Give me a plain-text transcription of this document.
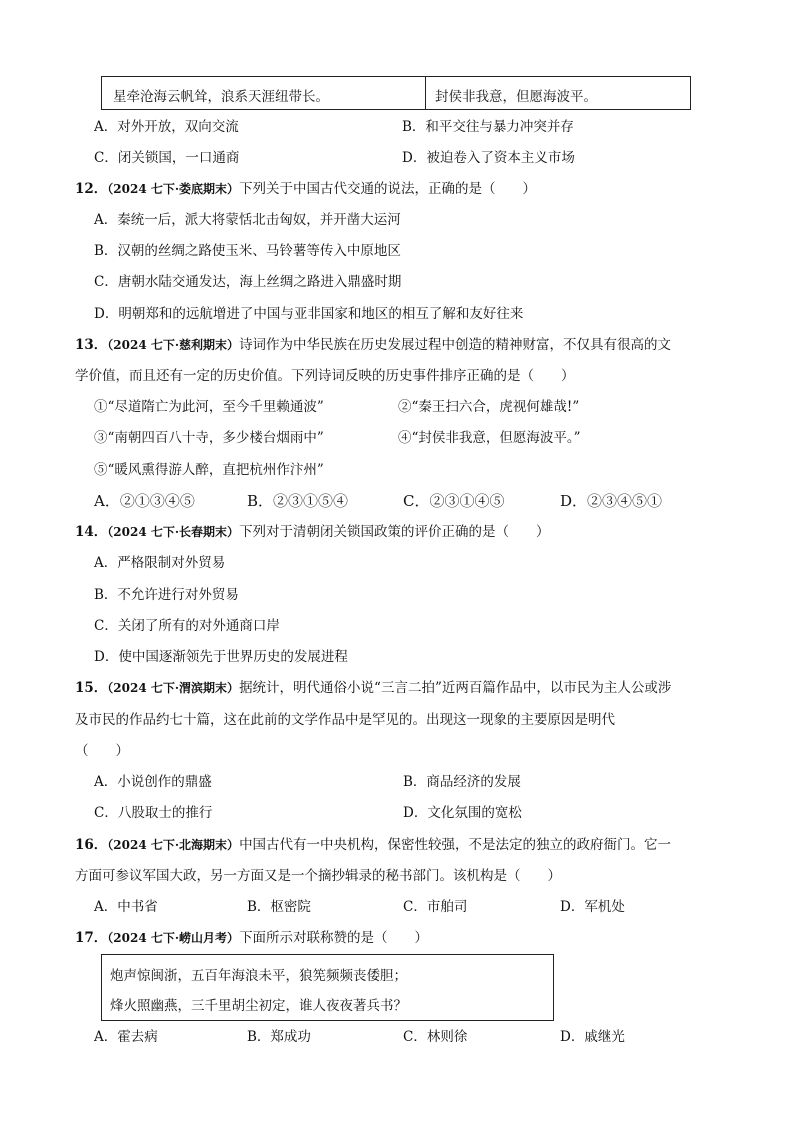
星牵沧海云帆耸，浪系天涯纽带长。	封侯非我意，但愿海波平。
A．对外开放，双向交流	B．和平交往与暴力冲突并存
C．闭关锁国，一口通商	D．被迫卷入了资本主义市场
12．（2024 七下·娄底期末）下列关于中国古代交通的说法，正确的是（　　）
A．秦统一后，派大将蒙恬北击匈奴，并开凿大运河
B．汉朝的丝绸之路使玉米、马铃薯等传入中原地区
C．唐朝水陆交通发达，海上丝绸之路进入鼎盛时期
D．明朝郑和的远航增进了中国与亚非国家和地区的相互了解和友好往来
13．（2024 七下·慈利期末）诗词作为中华民族在历史发展过程中创造的精神财富，不仅具有很高的文
学价值，而且还有一定的历史价值。下列诗词反映的历史事件排序正确的是（　　）
①“尽道隋亡为此河，至今千里赖通波”	②“秦王扫六合，虎视何雄哉!”
③“南朝四百八十寺，多少楼台烟雨中”	④“封侯非我意，但愿海波平。”
⑤“暖风熏得游人醉，直把杭州作汴州”
A．②①③④⑤	B．②③①⑤④	C．②③①④⑤	D．②③④⑤①
14．（2024 七下·长春期末）下列对于清朝闭关锁国政策的评价正确的是（　　）
A．严格限制对外贸易
B．不允许进行对外贸易
C．关闭了所有的对外通商口岸
D．使中国逐渐领先于世界历史的发展进程
15．（2024 七下·渭滨期末）据统计，明代通俗小说“三言二拍”近两百篇作品中，以市民为主人公或涉
及市民的作品约七十篇，这在此前的文学作品中是罕见的。出现这一现象的主要原因是明代
（　　）
A．小说创作的鼎盛	B．商品经济的发展
C．八股取士的推行	D．文化氛围的宽松
16．（2024 七下·北海期末）中国古代有一中央机构，保密性较强，不是法定的独立的政府衙门。它一
方面可参议军国大政，另一方面又是一个摘抄辑录的秘书部门。该机构是（　　）
A．中书省	B．枢密院	C．市舶司	D．军机处
17．（2024 七下·崂山月考）下面所示对联称赞的是（　　）
炮声惊闽浙，五百年海浪未平，狼筅频频丧倭胆；
烽火照幽燕，三千里胡尘初定，谁人夜夜著兵书？
A．霍去病	B．郑成功	C．林则徐	D．戚继光
